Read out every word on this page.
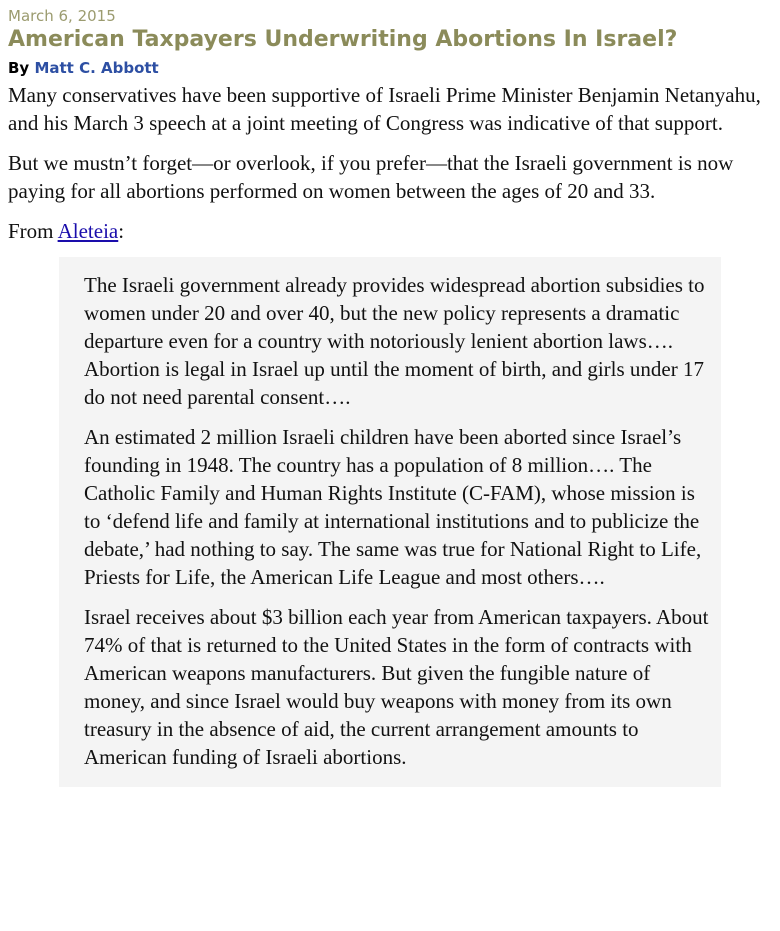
March 6, 2015
American Taxpayers Underwriting Abortions In Israel?
By Matt C. Abbott

Many conservatives have been supportive of Israeli Prime Minister Benjamin Netanyahu, and his March 3 speech at a joint meeting of Congress was indicative of that support.

But we mustn’t forget—or overlook, if you prefer—that the Israeli government is now paying for all abortions performed on women between the ages of 20 and 33.

From Aleteia:

The Israeli government already provides widespread abortion subsidies to women under 20 and over 40, but the new policy represents a dramatic departure even for a country with notoriously lenient abortion laws…. Abortion is legal in Israel up until the moment of birth, and girls under 17 do not need parental consent….

An estimated 2 million Israeli children have been aborted since Israel’s founding in 1948. The country has a population of 8 million…. The Catholic Family and Human Rights Institute (C-FAM), whose mission is to ‘defend life and family at international institutions and to publicize the debate,’ had nothing to say. The same was true for National Right to Life, Priests for Life, the American Life League and most others….

Israel receives about $3 billion each year from American taxpayers. About 74% of that is returned to the United States in the form of contracts with American weapons manufacturers. But given the fungible nature of money, and since Israel would buy weapons with money from its own treasury in the absence of aid, the current arrangement amounts to American funding of Israeli abortions.
